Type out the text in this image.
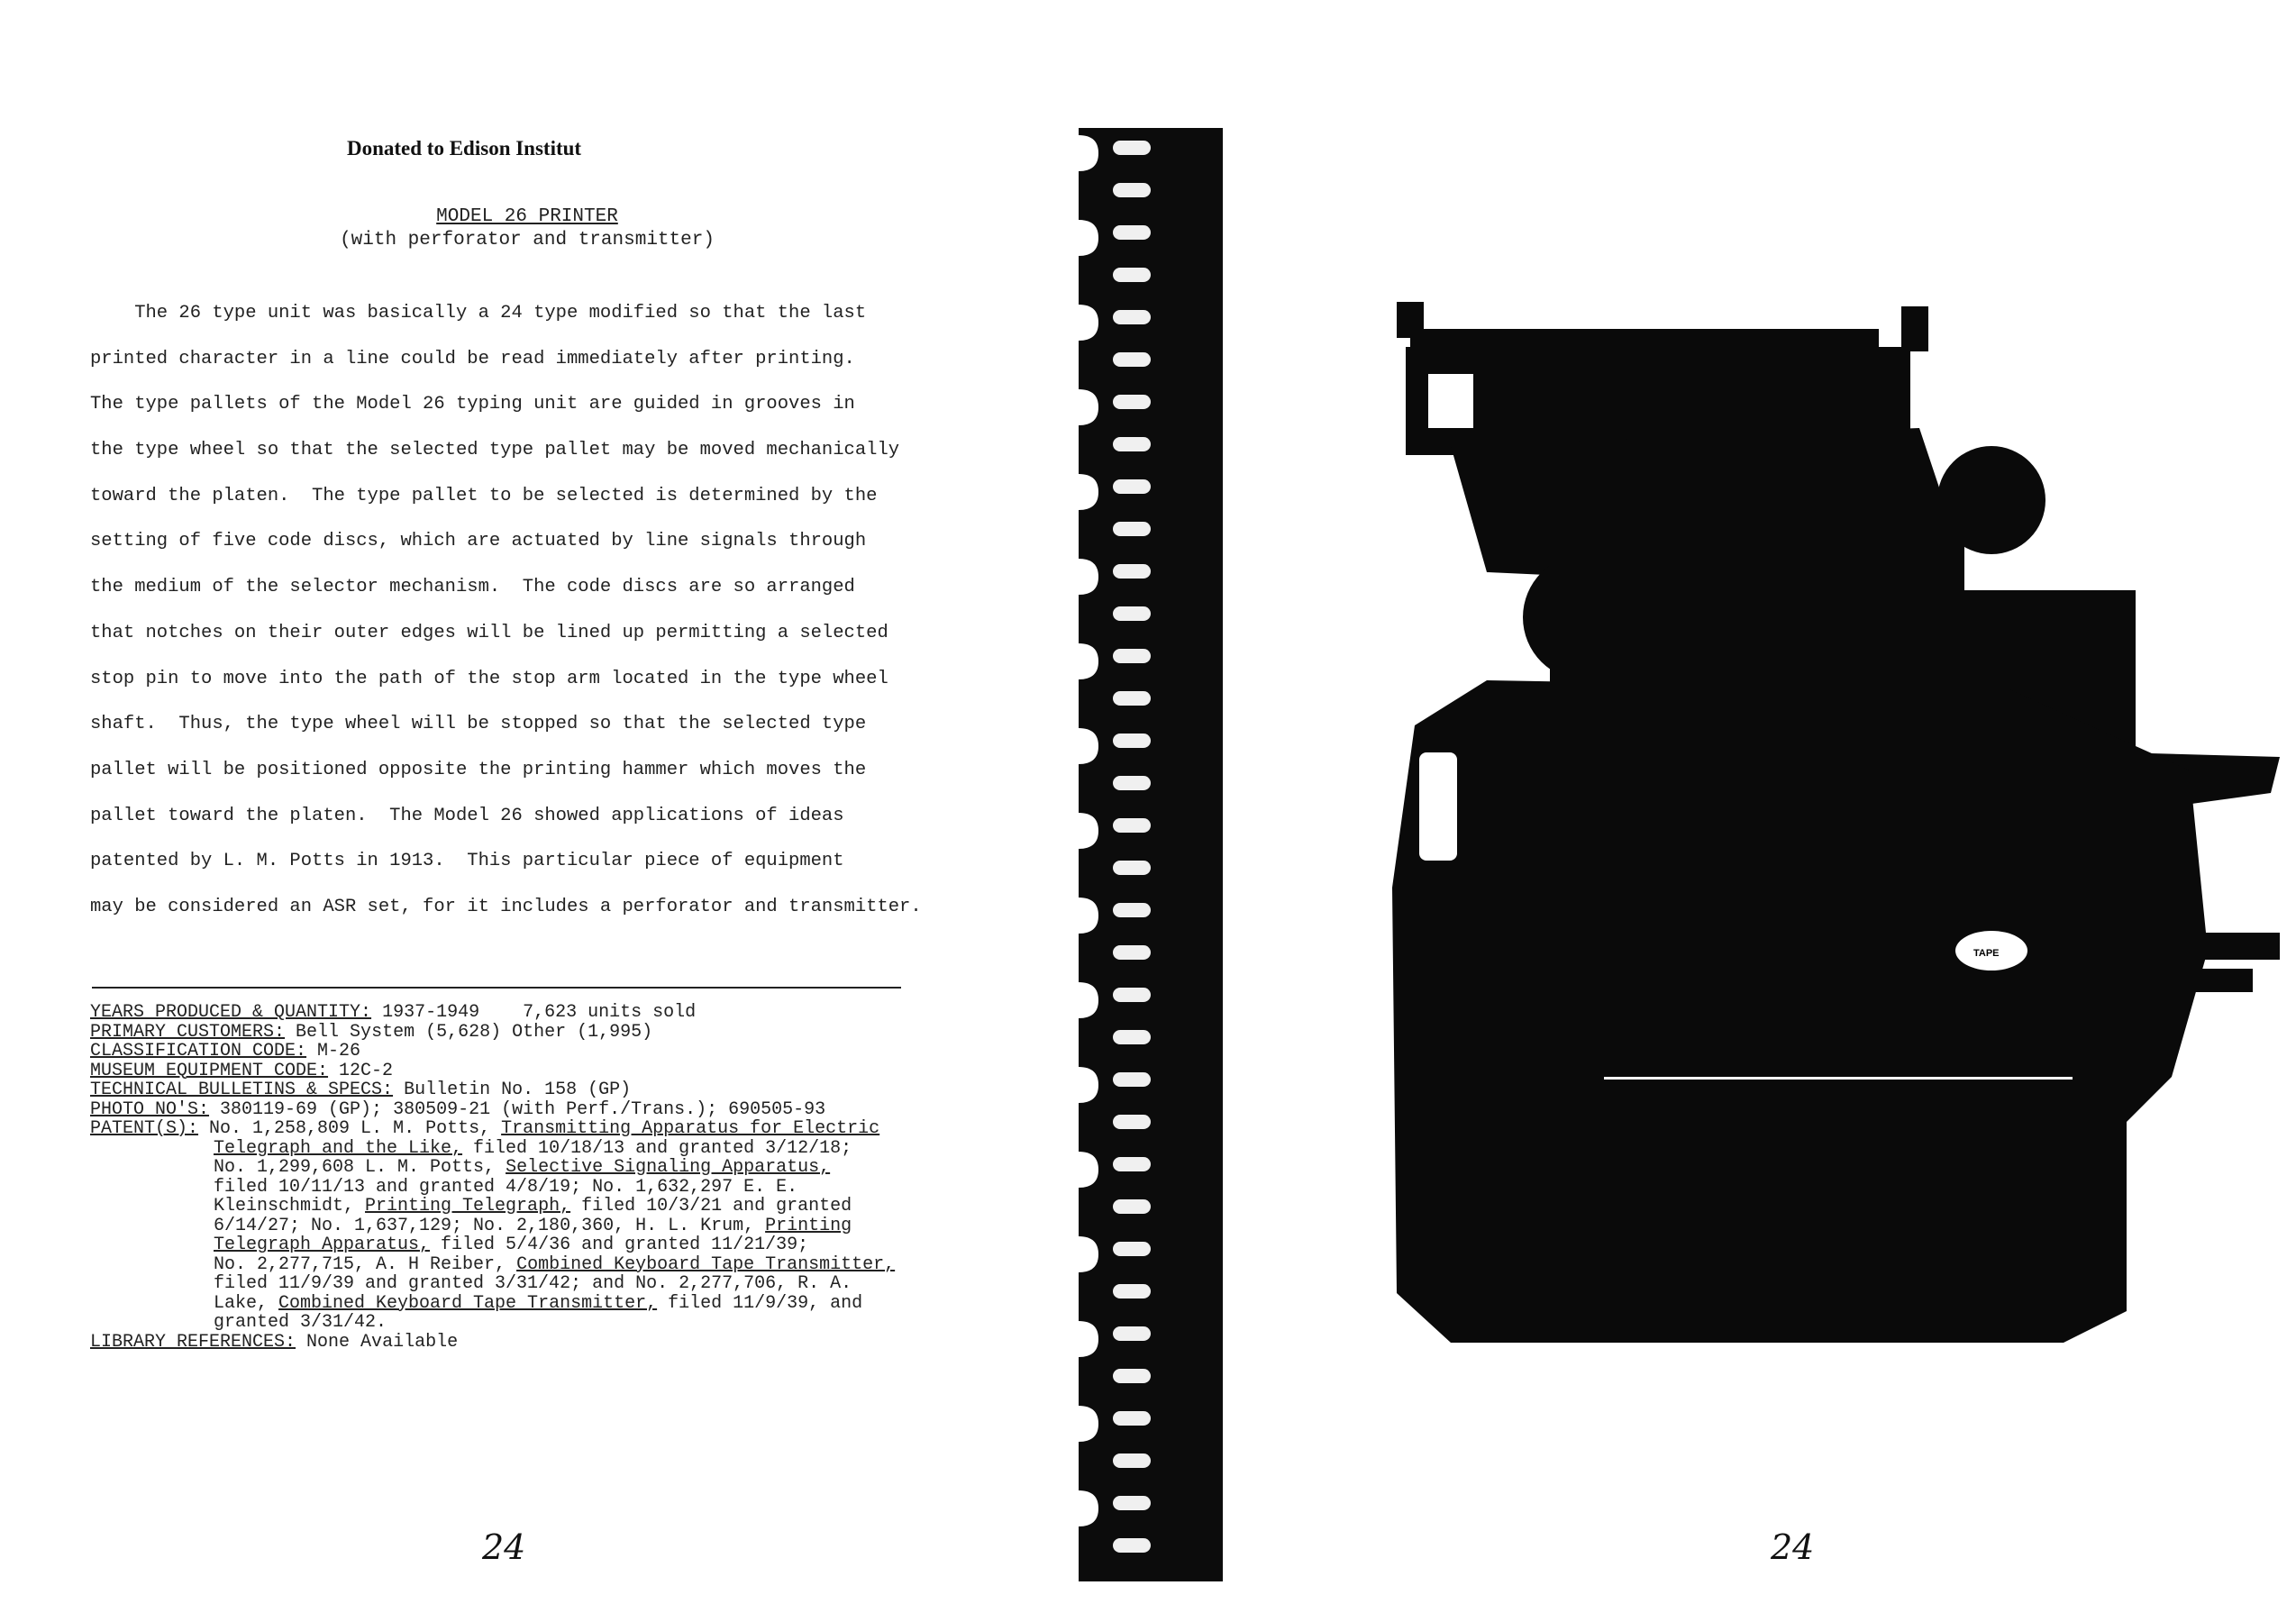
Donated to Edison Institut
MODEL 26 PRINTER
(with perforator and transmitter)
The 26 type unit was basically a 24 type modified so that the last
printed character in a line could be read immediately after printing.
The type pallets of the Model 26 typing unit are guided in grooves in
the type wheel so that the selected type pallet may be moved mechanically
toward the platen.  The type pallet to be selected is determined by the
setting of five code discs, which are actuated by line signals through
the medium of the selector mechanism.  The code discs are so arranged
that notches on their outer edges will be lined up permitting a selected
stop pin to move into the path of the stop arm located in the type wheel
shaft.  Thus, the type wheel will be stopped so that the selected type
pallet will be positioned opposite the printing hammer which moves the
pallet toward the platen.  The Model 26 showed applications of ideas
patented by L. M. Potts in 1913.  This particular piece of equipment
may be considered an ASR set, for it includes a perforator and transmitter.
YEARS PRODUCED & QUANTITY: 1937-1949    7,623 units sold
PRIMARY CUSTOMERS: Bell System (5,628) Other (1,995)
CLASSIFICATION CODE: M-26
MUSEUM EQUIPMENT CODE: 12C-2
TECHNICAL BULLETINS & SPECS: Bulletin No. 158 (GP)
PHOTO NO'S: 380119-69 (GP); 380509-21 (with Perf./Trans.); 690505-93
PATENT(S): No. 1,258,809 L. M. Potts, Transmitting Apparatus for Electric
Telegraph and the Like, filed 10/18/13 and granted 3/12/18;
No. 1,299,608 L. M. Potts, Selective Signaling Apparatus,
filed 10/11/13 and granted 4/8/19; No. 1,632,297 E. E.
Kleinschmidt, Printing Telegraph, filed 10/3/21 and granted
6/14/27; No. 1,637,129; No. 2,180,360, H. L. Krum, Printing
Telegraph Apparatus, filed 5/4/36 and granted 11/21/39;
No. 2,277,715, A. H Reiber, Combined Keyboard Tape Transmitter,
filed 11/9/39 and granted 3/31/42; and No. 2,277,706, R. A.
Lake, Combined Keyboard Tape Transmitter, filed 11/9/39, and
granted 3/31/42.
LIBRARY REFERENCES: None Available
24	24
TAPE
